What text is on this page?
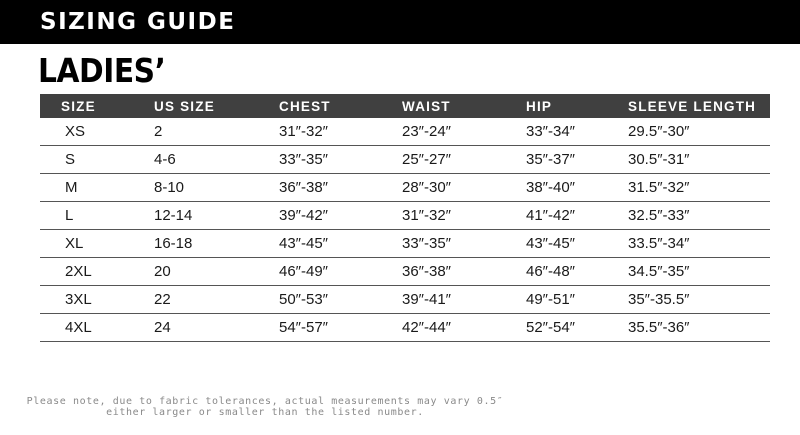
SIZING GUIDE
LADIES’
SIZE	US SIZE	CHEST	WAIST	HIP	SLEEVE LENGTH
XS	2	31″-32″	23″-24″	33″-34″	29.5″-30″
S	4-6	33″-35″	25″-27″	35″-37″	30.5″-31″
M	8-10	36″-38″	28″-30″	38″-40″	31.5″-32″
L	12-14	39″-42″	31″-32″	41″-42″	32.5″-33″
XL	16-18	43″-45″	33″-35″	43″-45″	33.5″-34″
2XL	20	46″-49″	36″-38″	46″-48″	34.5″-35″
3XL	22	50″-53″	39″-41″	49″-51″	35″-35.5″
4XL	24	54″-57″	42″-44″	52″-54″	35.5″-36″
Please note, due to fabric tolerances, actual measurements may vary 0.5″
either larger or smaller than the listed number.
